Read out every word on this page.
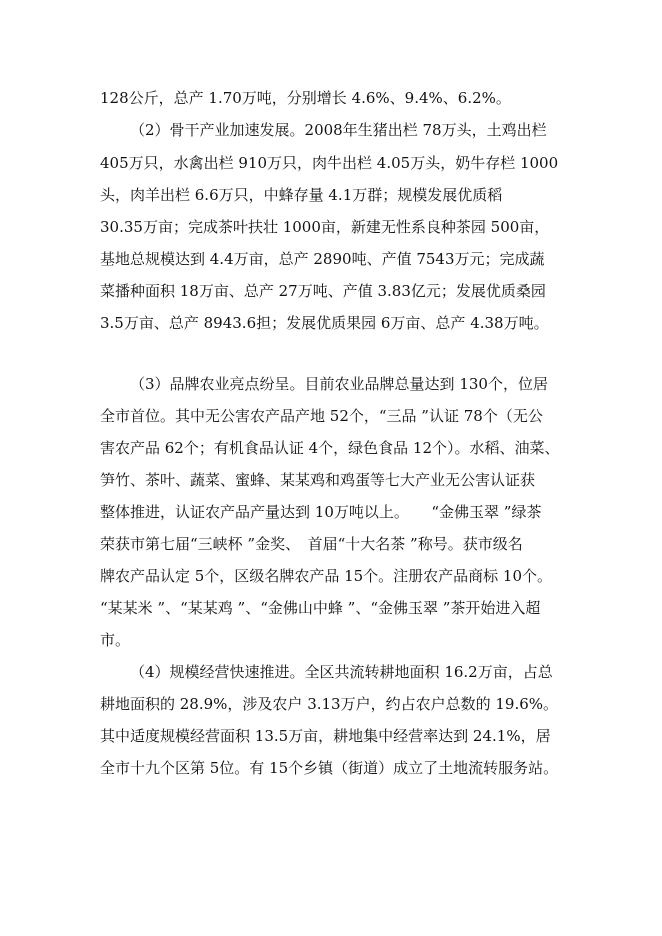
128公斤，总产 1.70万吨，分别增长 4.6%、9.4%、6.2%。
（2）骨干产业加速发展。2008年生猪出栏 78万头，土鸡出栏
405万只，水禽出栏 910万只，肉牛出栏 4.05万头，奶牛存栏 1000
头，肉羊出栏 6.6万只，中蜂存量 4.1万群；规模发展优质稻
30.35万亩；完成茶叶扶壮 1000亩，新建无性系良种茶园 500亩，
基地总规模达到 4.4万亩，总产 2890吨、产值 7543万元；完成蔬
菜播种面积 18万亩、总产 27万吨、产值 3.83亿元；发展优质桑园
3.5万亩、总产 8943.6担；发展优质果园 6万亩、总产 4.38万吨。
（3）品牌农业亮点纷呈。目前农业品牌总量达到 130个，位居
全市首位。其中无公害农产品产地 52个，“三品 ”认证 78个（无公
害农产品 62个；有机食品认证 4个，绿色食品 12个）。水稻、油菜、
笋竹、茶叶、蔬菜、蜜蜂、某某鸡和鸡蛋等七大产业无公害认证获
整体推进，认证农产品产量达到 10万吨以上。　　“金佛玉翠 ”绿茶
荣获市第七届“三峡杯 ”金奖、　首届“十大名茶 ”称号。获市级名
牌农产品认定 5个，区级名牌农产品 15个。注册农产品商标 10个。
“某某米 ”、“某某鸡 ”、“金佛山中蜂 ”、“金佛玉翠 ”茶开始进入超
市。
（4）规模经营快速推进。全区共流转耕地面积 16.2万亩，占总
耕地面积的 28.9%，涉及农户 3.13万户，约占农户总数的 19.6%。
其中适度规模经营面积 13.5万亩，耕地集中经营率达到 24.1%，居
全市十九个区第 5位。有 15个乡镇（街道）成立了土地流转服务站。
